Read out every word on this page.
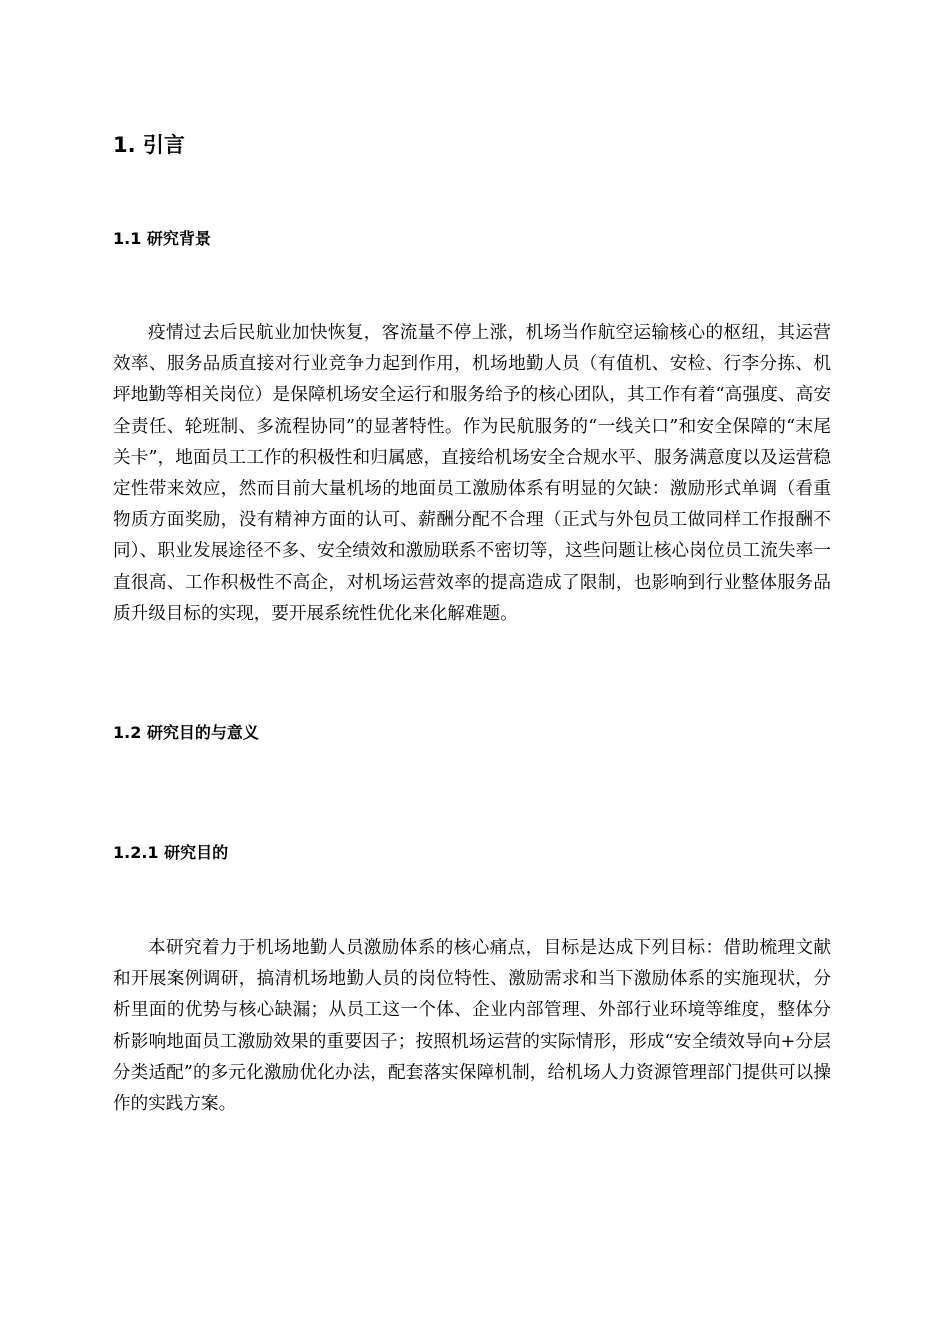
1. 引言
1.1 研究背景

疫情过去后民航业加快恢复，客流量不停上涨，机场当作航空运输核心的枢纽，其运营效率、服务品质直接对行业竞争力起到作用，机场地勤人员（有值机、安检、行李分拣、机坪地勤等相关岗位）是保障机场安全运行和服务给予的核心团队，其工作有着“高强度、高安全责任、轮班制、多流程协同”的显著特性。作为民航服务的“一线关口”和安全保障的“末尾关卡”，地面员工工作的积极性和归属感，直接给机场安全合规水平、服务满意度以及运营稳定性带来效应，然而目前大量机场的地面员工激励体系有明显的欠缺：激励形式单调（看重物质方面奖励，没有精神方面的认可、薪酬分配不合理（正式与外包员工做同样工作报酬不同）、职业发展途径不多、安全绩效和激励联系不密切等，这些问题让核心岗位员工流失率一直很高、工作积极性不高企，对机场运营效率的提高造成了限制，也影响到行业整体服务品质升级目标的实现，要开展系统性优化来化解难题。

1.2 研究目的与意义
1.2.1 研究目的

本研究着力于机场地勤人员激励体系的核心痛点，目标是达成下列目标：借助梳理文献和开展案例调研，搞清机场地勤人员的岗位特性、激励需求和当下激励体系的实施现状，分析里面的优势与核心缺漏；从员工这一个体、企业内部管理、外部行业环境等维度，整体分析影响地面员工激励效果的重要因子；按照机场运营的实际情形，形成“安全绩效导向+分层分类适配”的多元化激励优化办法，配套落实保障机制，给机场人力资源管理部门提供可以操作的实践方案。
